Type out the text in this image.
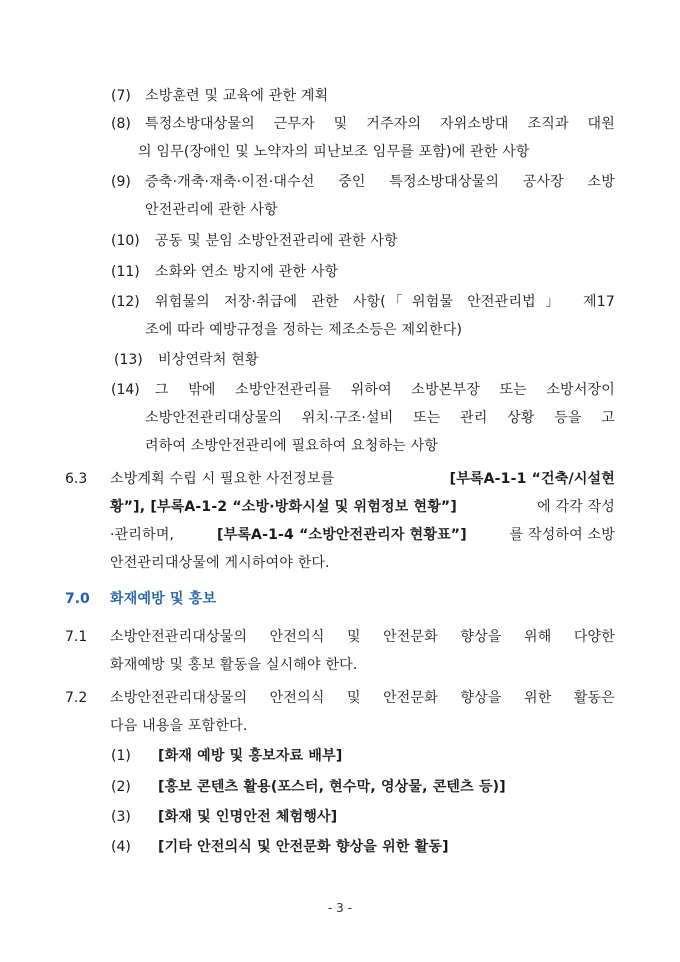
(7) 소방훈련 및 교육에 관한 계획
(8) 특정소방대상물의 근무자 및 거주자의 자위소방대 조직과 대원
의 임무(장애인 및 노약자의 피난보조 임무를 포함)에 관한 사항
(9) 증축·개축·재축·이전·대수선 중인 특정소방대상물의 공사장 소방
안전관리에 관한 사항
(10) 공동 및 분임 소방안전관리에 관한 사항
(11) 소화와 연소 방지에 관한 사항
(12) 위험물의 저장·취급에 관한 사항(「위험물 안전관리법」 제17
조에 따라 예방규정을 정하는 제조소등은 제외한다)
(13) 비상연락처 현황
(14) 그 밖에 소방안전관리를 위하여 소방본부장 또는 소방서장이
소방안전관리대상물의 위치·구조·설비 또는 관리 상황 등을 고
려하여 소방안전관리에 필요하여 요청하는 사항
6.3 소방계획 수립 시 필요한 사전정보를	[부록A-1-1 “건축/시설현
황”], [부록A-1-2 “소방·방화시설 및 위험정보 현황”]	에 각각 작성
·관리하며,	[부록A-1-4 “소방안전관리자 현황표”]	를 작성하여 소방
안전관리대상물에 게시하여야 한다.
7.0 화재예방 및 홍보
7.1 소방안전관리대상물의 안전의식 및 안전문화 향상을 위해 다양한
화재예방 및 홍보 활동을 실시해야 한다.
7.2 소방안전관리대상물의 안전의식 및 안전문화 향상을 위한 활동은
다음 내용을 포함한다.
(1) [화재 예방 및 홍보자료 배부]
(2) [홍보 콘텐츠 활용(포스터, 현수막, 영상물, 콘텐츠 등)]
(3) [화재 및 인명안전 체험행사]
(4) [기타 안전의식 및 안전문화 향상을 위한 활동]
- 3 -
